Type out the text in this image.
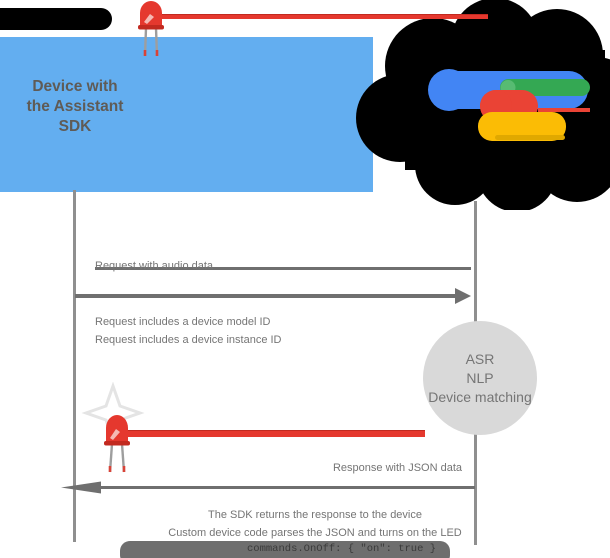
Device with
the Assistant
SDK
Request with audio data
Request includes a device model ID
Request includes a device instance ID
ASR
NLP
Device matching
Response with JSON data
The SDK returns the response to the device
Custom device code parses the JSON and turns on the LED
commands.OnOff: { "on": true }
